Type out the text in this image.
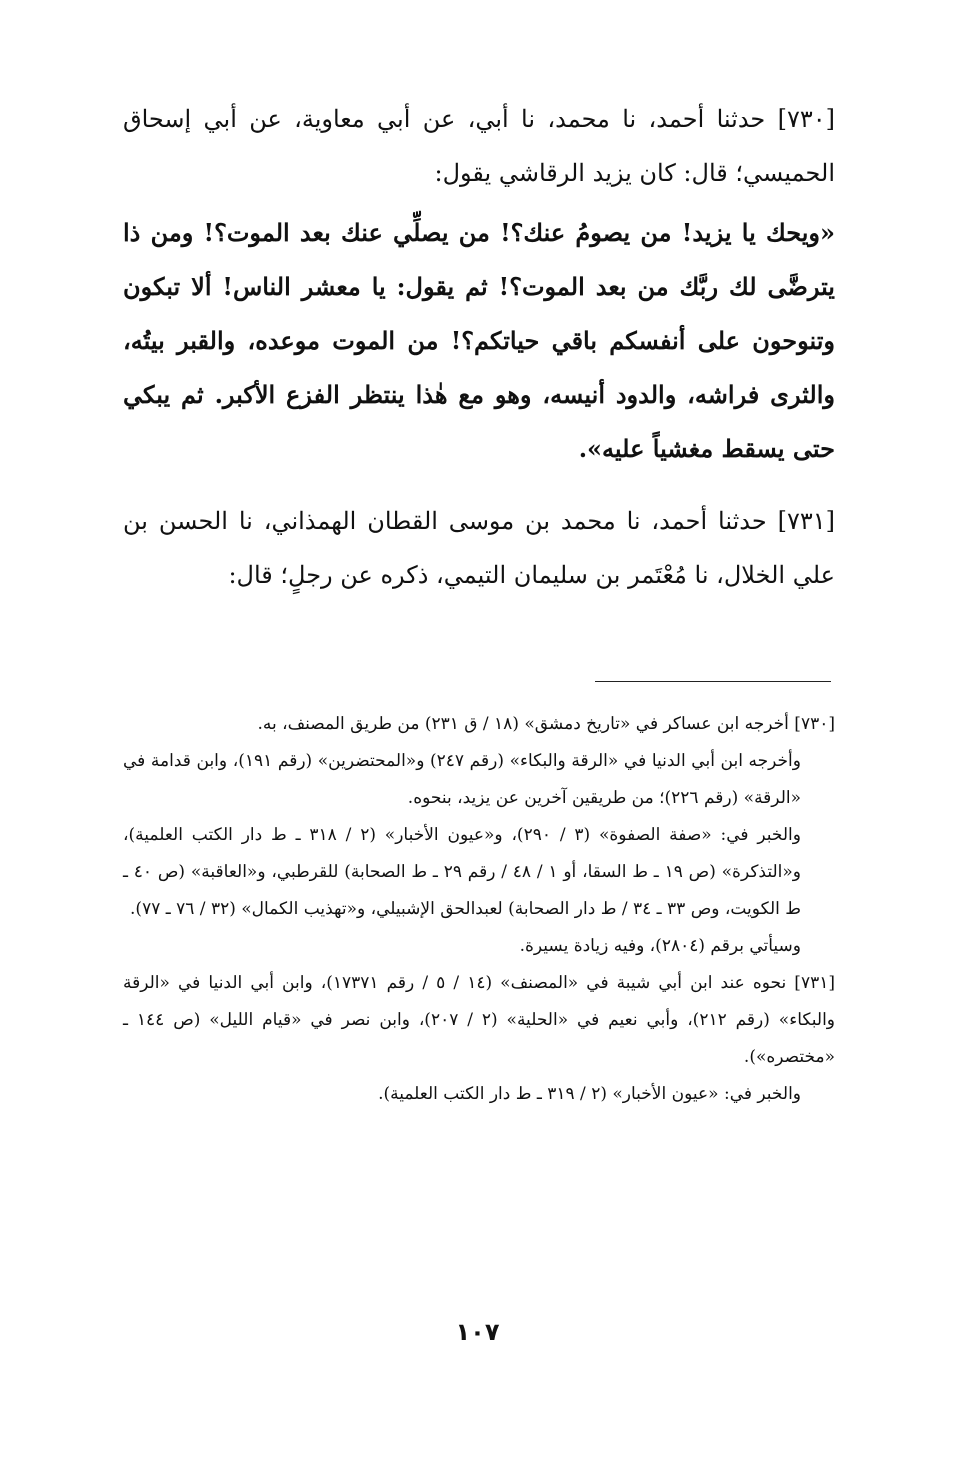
[٧٣٠] حدثنا أحمد، نا محمد، نا أبي، عن أبي معاوية، عن أبي إسحاق الحميسي؛ قال: كان يزيد الرقاشي يقول:

«ويحك يا يزيد! من يصومُ عنك؟! من يصلِّي عنك بعد الموت؟! ومن ذا يترضَّى لك ربَّك من بعد الموت؟! ثم يقول: يا معشر الناس! ألا تبكون وتنوحون على أنفسكم باقي حياتكم؟! من الموت موعده، والقبر بيتُه، والثرى فراشه، والدود أنيسه، وهو مع هٰذا ينتظر الفزع الأكبر. ثم يبكي حتى يسقط مغشياً عليه».

[٧٣١] حدثنا أحمد، نا محمد بن موسى القطان الهمذاني، نا الحسن بن علي الخلال، نا مُعْتَمر بن سليمان التيمي، ذكره عن رجلٍ؛ قال:

[٧٣٠] أخرجه ابن عساكر في «تاريخ دمشق» (١٨ / ق ٢٣١) من طريق المصنف، به.

وأخرجه ابن أبي الدنيا في «الرقة والبكاء» (رقم ٢٤٧) و«المحتضرين» (رقم ١٩١)، وابن قدامة في «الرقة» (رقم ٢٢٦)؛ من طريقين آخرين عن يزيد، بنحوه.

والخبر في: «صفة الصفوة» (٣ / ٢٩٠)، و«عيون الأخبار» (٢ / ٣١٨ ـ ط دار الكتب العلمية)، و«التذكرة» (ص ١٩ ـ ط السقا، أو ١ / ٤٨ / رقم ٢٩ ـ ط الصحابة) للقرطبي، و«العاقبة» (ص ٤٠ ـ ط الكويت، وص ٣٣ ـ ٣٤ / ط دار الصحابة) لعبدالحق الإشبيلي، و«تهذيب الكمال» (٣٢ / ٧٦ ـ ٧٧).

وسيأتي برقم (٢٨٠٤)، وفيه زيادة يسيرة.

[٧٣١] نحوه عند ابن أبي شيبة في «المصنف» (١٤ / ٥ / رقم ١٧٣٧١)، وابن أبي الدنيا في «الرقة والبكاء» (رقم ٢١٢)، وأبي نعيم في «الحلية» (٢ / ٢٠٧)، وابن نصر في «قيام الليل» (ص ١٤٤ ـ «مختصره»).

والخبر في: «عيون الأخبار» (٢ / ٣١٩ ـ ط دار الكتب العلمية).

١٠٧
